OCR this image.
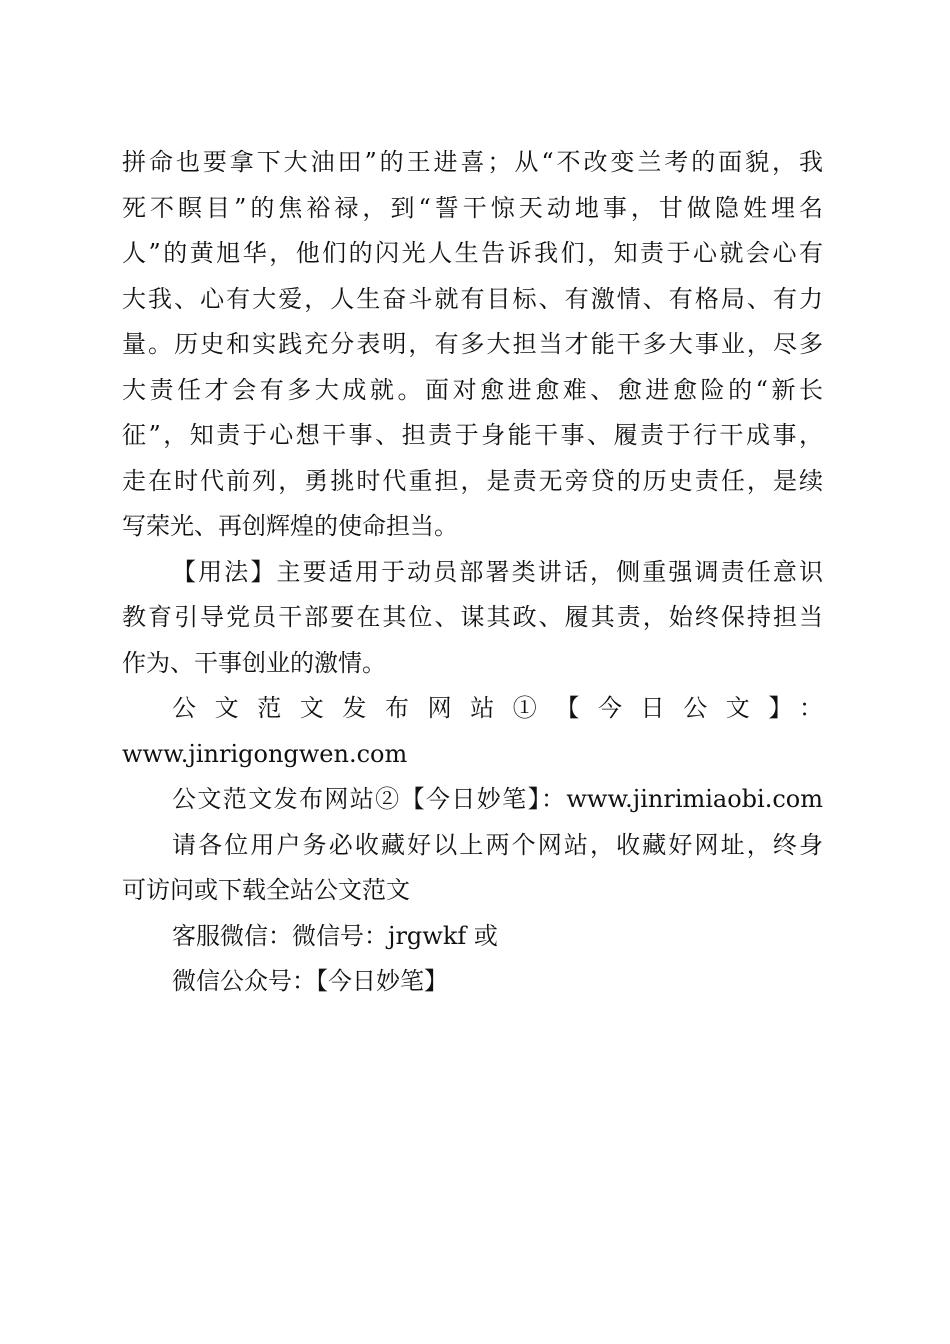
拼命也要拿下大油田”的王进喜；从“不改变兰考的面貌，我
死不瞑目”的焦裕禄，到“誓干惊天动地事，甘做隐姓埋名
人”的黄旭华，他们的闪光人生告诉我们，知责于心就会心有
大我、心有大爱，人生奋斗就有目标、有激情、有格局、有力
量。历史和实践充分表明，有多大担当才能干多大事业，尽多
大责任才会有多大成就。面对愈进愈难、愈进愈险的“新长
征”，知责于心想干事、担责于身能干事、履责于行干成事，
走在时代前列，勇挑时代重担，是责无旁贷的历史责任，是续
写荣光、再创辉煌的使命担当。
【用法】主要适用于动员部署类讲话，侧重强调责任意识
教育引导党员干部要在其位、谋其政、履其责，始终保持担当
作为、干事创业的激情。
公文范文发布网站①【今日公文】：
www.jinrigongwen.com
公文范文发布网站②【今日妙笔】：www.jinrimiaobi.com
请各位用户务必收藏好以上两个网站，收藏好网址，终身
可访问或下载全站公文范文
客服微信：微信号：jrgwkf 或
微信公众号：【今日妙笔】
